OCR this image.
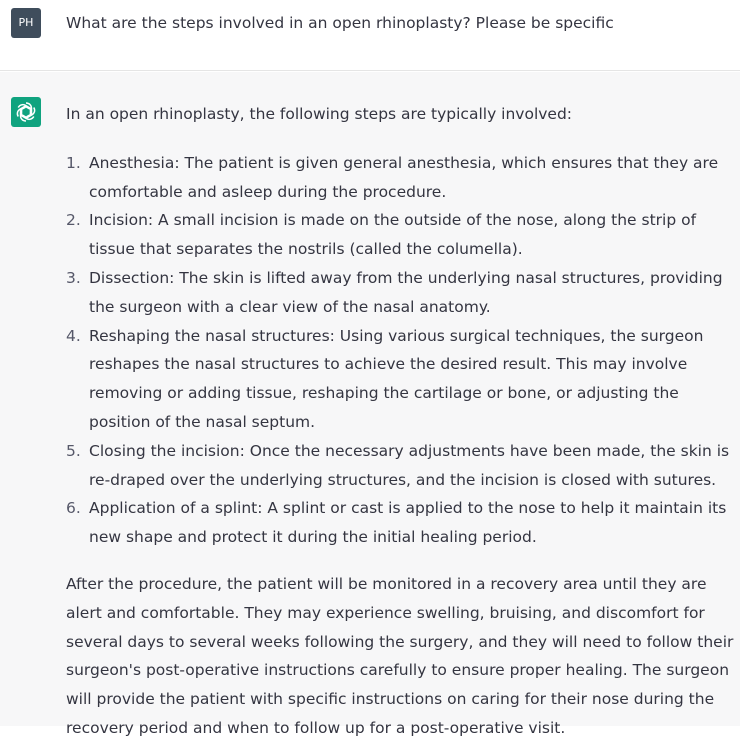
PH	What are the steps involved in an open rhinoplasty? Please be specific

In an open rhinoplasty, the following steps are typically involved:

1. Anesthesia: The patient is given general anesthesia, which ensures that they are comfortable and asleep during the procedure.
2. Incision: A small incision is made on the outside of the nose, along the strip of tissue that separates the nostrils (called the columella).
3. Dissection: The skin is lifted away from the underlying nasal structures, providing the surgeon with a clear view of the nasal anatomy.
4. Reshaping the nasal structures: Using various surgical techniques, the surgeon reshapes the nasal structures to achieve the desired result. This may involve removing or adding tissue, reshaping the cartilage or bone, or adjusting the position of the nasal septum.
5. Closing the incision: Once the necessary adjustments have been made, the skin is re-draped over the underlying structures, and the incision is closed with sutures.
6. Application of a splint: A splint or cast is applied to the nose to help it maintain its new shape and protect it during the initial healing period.

After the procedure, the patient will be monitored in a recovery area until they are alert and comfortable. They may experience swelling, bruising, and discomfort for several days to several weeks following the surgery, and they will need to follow their surgeon's post-operative instructions carefully to ensure proper healing. The surgeon will provide the patient with specific instructions on caring for their nose during the recovery period and when to follow up for a post-operative visit.
